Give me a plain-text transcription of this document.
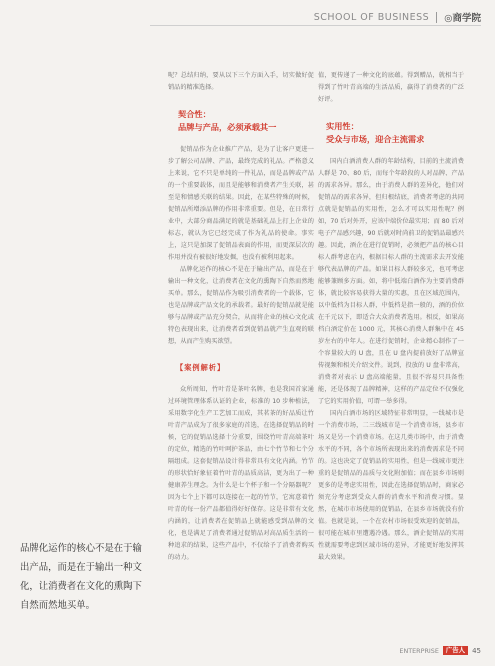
SCHOOL OF BUSINESS ◎商学院

呢？总结归纳，要从以下三个方面入手，切实做好促销品的精准选择。

契合性：
品牌与产品，必须承载其一

促销品作为企业推广产品，是为了让客户更进一步了解公司品牌、产品，最终完成的礼品。严格意义上来说，它不只是单纯的一件礼品，而是品牌或产品的一个重要载体，而且是能够和消费者产生关联，甚至是和情感关联的结果。因此，在某些特殊的时候，促销品所增添品牌的作用非常重要。但是，在日常行业中，大部分商品满足的就是基础礼品上打上企业的标志，就认为它已经完成了作为礼品的使命。事实上，这只是加深了促销品表面的作用，而更深层次的作用并没有被很好地发掘，也没有被利用起来。

品牌化运作的核心不是在于输出产品，而是在于输出一种文化，让消费者在文化的熏陶下自然而然地买单。那么，促销品作为吸引消费者的一个载体，它也是品牌或产品文化的承载者。最好的促销品就是能够与品牌或产品充分契合，从而将企业的核心文化或特色表现出来，让消费者看到促销品就产生直观的联想，从而产生购买欲望。

【案例解析】

众所周知，竹叶青是茶叶名牌，也是我国首家通过环境管理体系认证的企业，标准的 10 步种植法，采用数字化生产工艺加工而成，其茗茶的好品质让竹叶青产品成为了很多家庭的首选，在选择促销品的时候，它的促销品选择十分重要，围绕竹叶青高端茶叶的定位，精选的竹叶呵护茶品，由七个竹节和七个分隔组成。这套促销品设计得非常具有文化内涵。竹节的形状恰好象征着竹叶青的品质高洁，更为出了一种健康养生理念。为什么是七个杯子和一个分隔器呢？因为七个上下都可以连接在一起的竹节，它寓意着竹叶青的每一份产品都值得好好保存。这是非常有文化内涵的，让消费者在促销品上就能感受到品牌的文化，也是满足了消费者通过促销品对高品质生活的一种追求的结果，这些产品中，不仅给予了消费者购买的动力。

值，更传递了一种文化的底蕴。得到赠品，就相当于得到了竹叶青高端的生活品质，赢得了消费者的广泛好评。

实用性：
受众与市场，迎合主流需求

国内白酒消费人群的年龄结构，目前的主流消费人群是 70、80 后，而每个年龄段的人对品牌、产品的需求各异。那么，由于消费人群的差异化，他们对促销品的需求各异，但归根结底，消费者考虑的共同点就是促销品的实用性，怎么才可以实用性呢？例如，70 后对外开，应该中端价位最实用；而 80 后对电子产品感兴趣，90 后就对时尚前卫的促销品最感兴趣。因此，酒企在进行促销时，必须把产品的核心目标人群考虑在内，根据目标人群的主流需求去开发能够代表品牌的产品。如果目标人群较多元，也可考虑能够兼顾多方面。如，将中低端白酒作为主要消费群体，就比较容易获得大量的实惠，且在区域范围内，以中低档为目标人群，中低档是指一般的，酒的价位在千元以下，即适合大众消费者选用。相反，如果高档白酒定价在 1000 元，其核心消费人群集中在 45 岁左右的中年人。在进行促销时，企业精心制作了一个容量较大的 U 盘，且在 U 盘内提前放好了品牌宣传视频和相关介绍文件。说到，投放的 U 盘非常高，消费者对表示 U 盘高端能量，且很不容易只具备性能，还是体现了品牌精神，这样的产品定位不仅强化了它的实用价值，可谓一举多得。

国内白酒市场的区域特征非常明显，一线城市是一个消费市场，二三线城市是一个消费市场，县乡市场又是另一个消费市场。在这几类市场中，由于消费水平的不同，各个市场所表现出来的消费需求是不同的。这也决定了促销品的实用性，但是一线城市更注重的是促销品的品质与文化附加值；而在县乡市场则更多的是考虑实用性，因此在选择促销品时，商家必须充分考虑到受众人群的消费水平和消费习惯。显然，在城市市场使用的促销品，在县乡市场就没有价值。也就是说，一个在农村市场很受欢迎的促销品，很可能在城市里遭遇冷遇。那么，酒企促销品的实用性就需要考虑到区域市场的差异，才能更好地发挥其最大效果。

品牌化运作的核心不是在于输出产品，而是在于输出一种文化，让消费者在文化的熏陶下自然而然地买单。
ENTERPRISE	广告人	45
